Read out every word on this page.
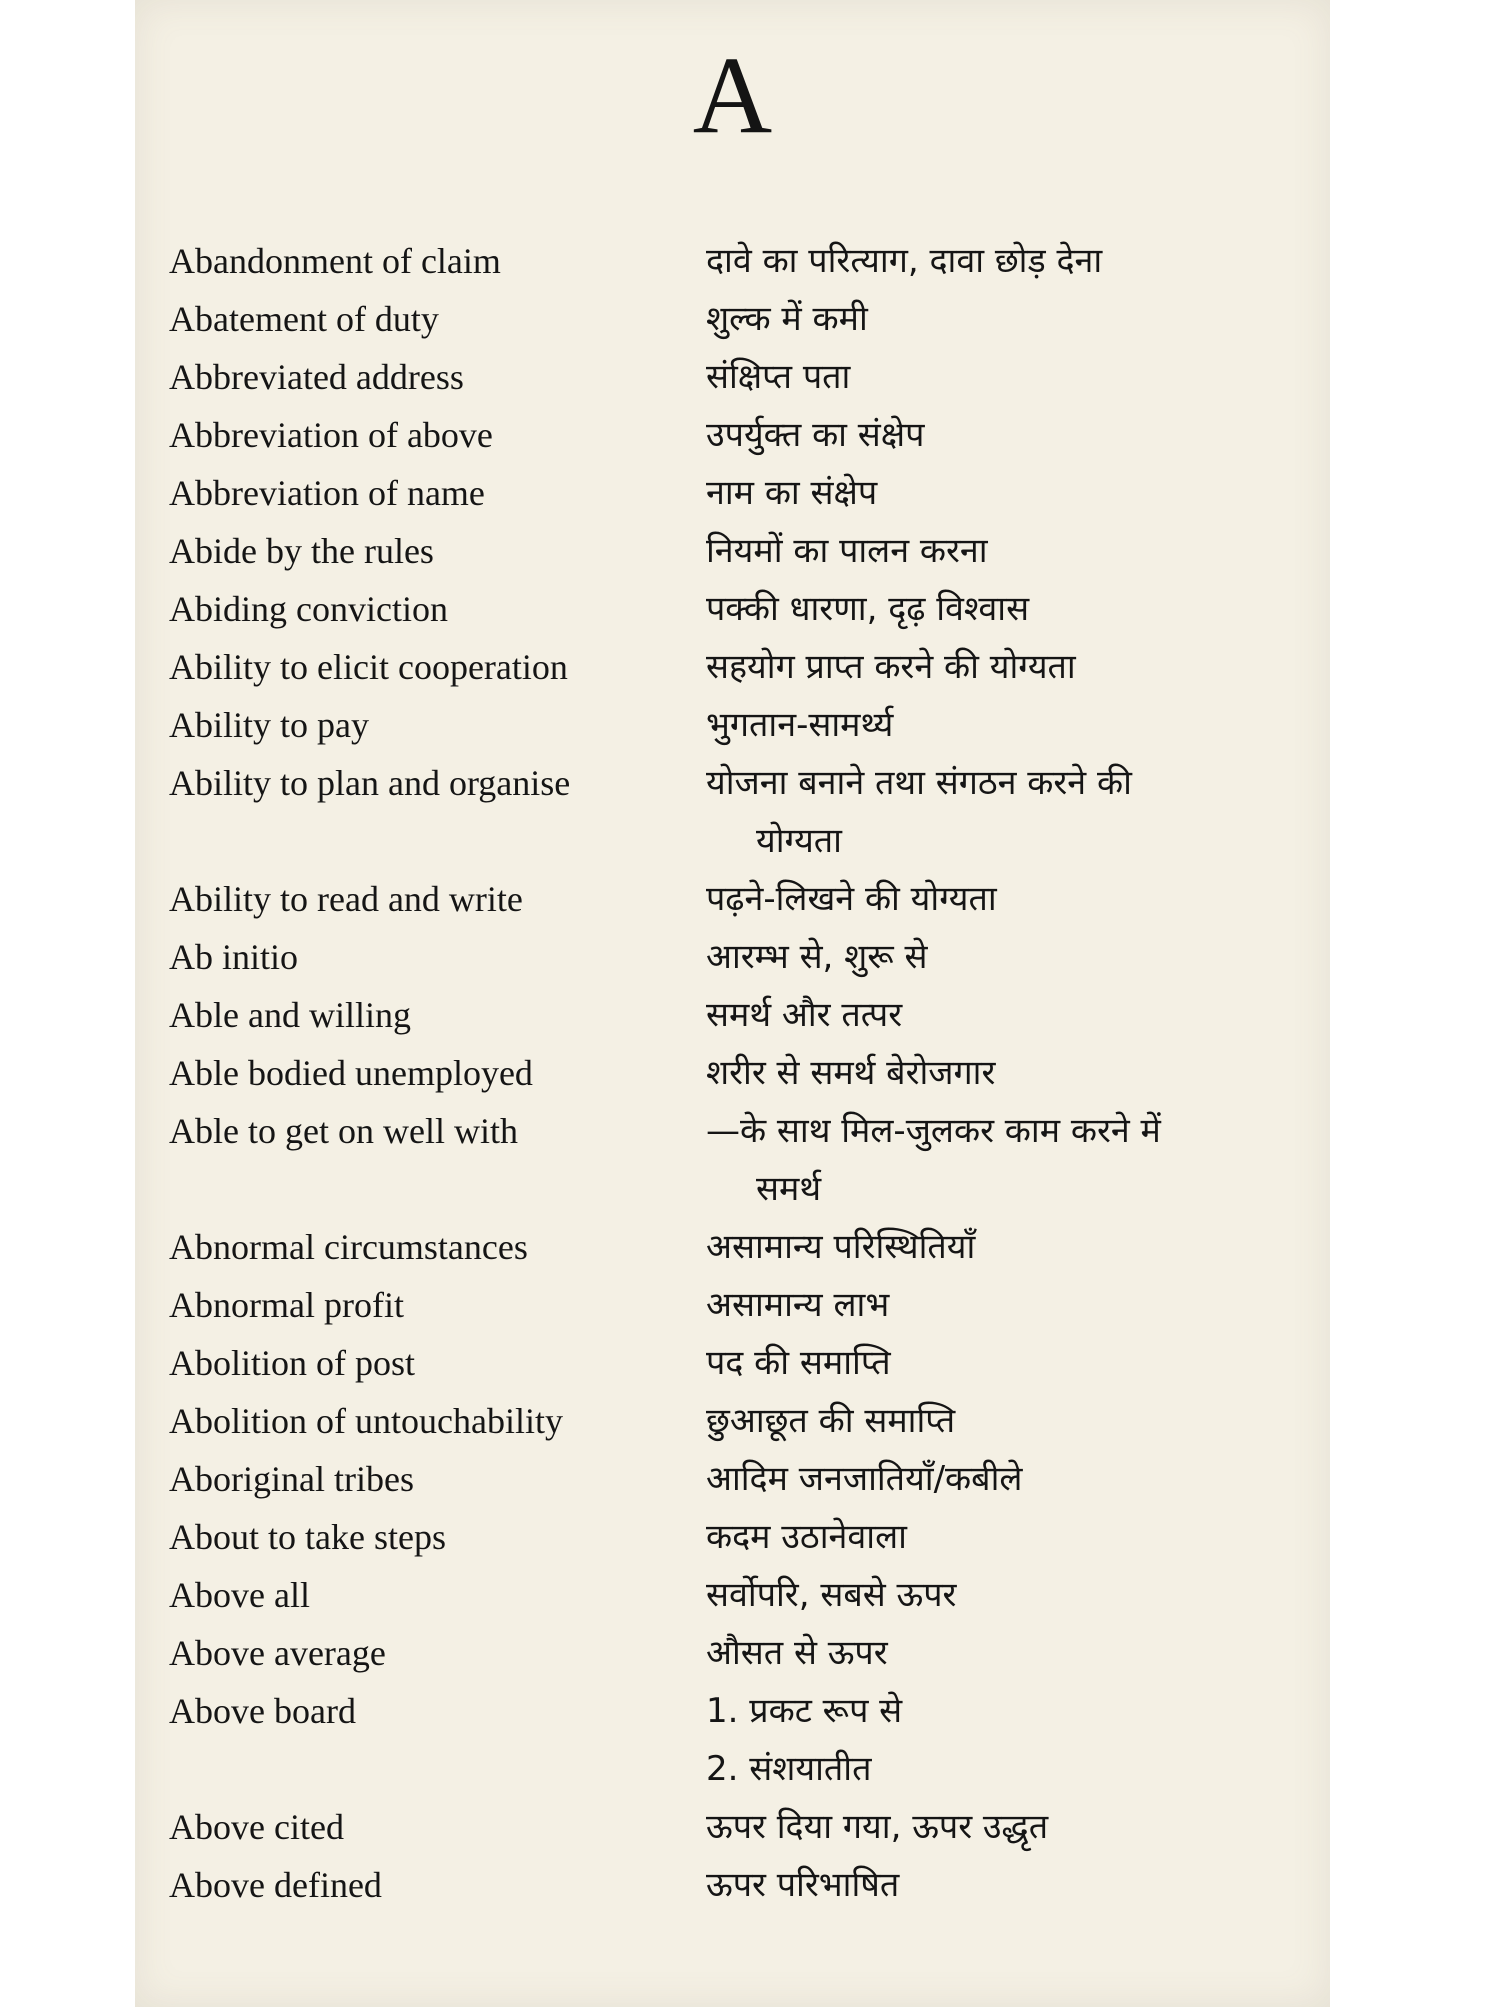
A
Abandonment of claim	दावे का परित्याग, दावा छोड़ देना
Abatement of duty	शुल्क में कमी
Abbreviated address	संक्षिप्त पता
Abbreviation of above	उपर्युक्त का संक्षेप
Abbreviation of name	नाम का संक्षेप
Abide by the rules	नियमों का पालन करना
Abiding conviction	पक्की धारणा, दृढ़ विश्वास
Ability to elicit cooperation	सहयोग प्राप्त करने की योग्यता
Ability to pay	भुगतान-सामर्थ्य
Ability to plan and organise	योजना बनाने तथा संगठन करने की
योग्यता
Ability to read and write	पढ़ने-लिखने की योग्यता
Ab initio	आरम्भ से, शुरू से
Able and willing	समर्थ और तत्पर
Able bodied unemployed	शरीर से समर्थ बेरोजगार
Able to get on well with	—के साथ मिल-जुलकर काम करने में
समर्थ
Abnormal circumstances	असामान्य परिस्थितियाँ
Abnormal profit	असामान्य लाभ
Abolition of post	पद की समाप्ति
Abolition of untouchability	छुआछूत की समाप्ति
Aboriginal tribes	आदिम जनजातियाँ/कबीले
About to take steps	कदम उठानेवाला
Above all	सर्वोपरि, सबसे ऊपर
Above average	औसत से ऊपर
Above board	1. प्रकट रूप से
2. संशयातीत
Above cited	ऊपर दिया गया, ऊपर उद्धृत
Above defined	ऊपर परिभाषित
